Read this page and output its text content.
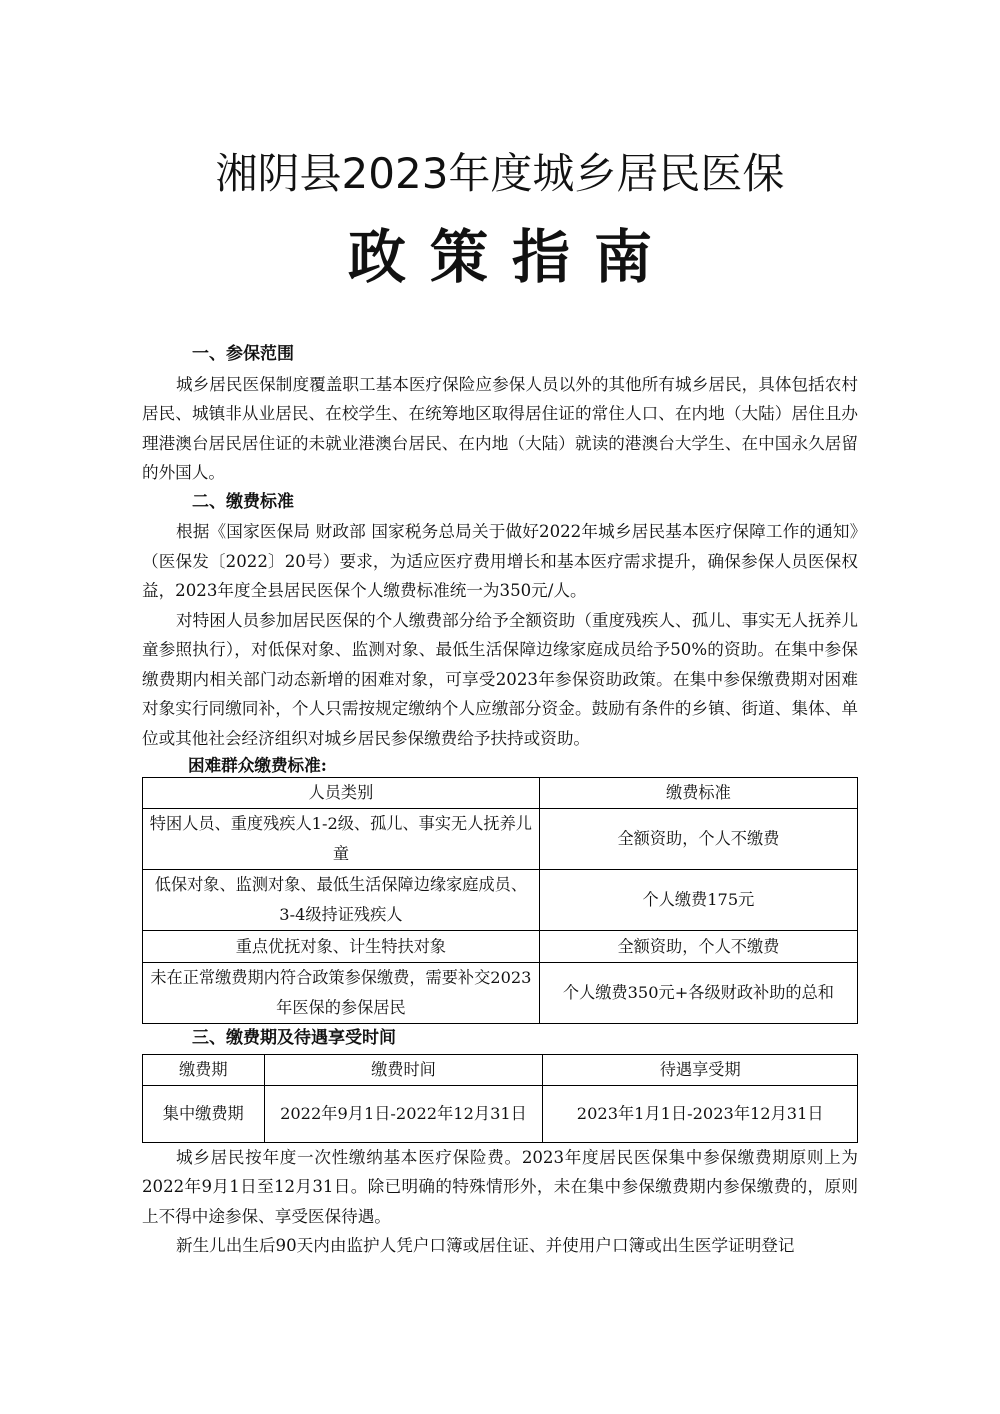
湘阴县2023年度城乡居民医保
政策指南
一、参保范围

城乡居民医保制度覆盖职工基本医疗保险应参保人员以外的其他所有城乡居民，具体包括农村居民、城镇非从业居民、在校学生、在统筹地区取得居住证的常住人口、在内地（大陆）居住且办理港澳台居民居住证的未就业港澳台居民、在内地（大陆）就读的港澳台大学生、在中国永久居留的外国人。

二、缴费标准

根据《国家医保局 财政部 国家税务总局关于做好2022年城乡居民基本医疗保障工作的通知》（医保发〔2022〕20号）要求，为适应医疗费用增长和基本医疗需求提升，确保参保人员医保权益，2023年度全县居民医保个人缴费标准统一为350元/人。

对特困人员参加居民医保的个人缴费部分给予全额资助（重度残疾人、孤儿、事实无人抚养儿童参照执行），对低保对象、监测对象、最低生活保障边缘家庭成员给予50%的资助。在集中参保缴费期内相关部门动态新增的困难对象，可享受2023年参保资助政策。在集中参保缴费期对困难对象实行同缴同补，个人只需按规定缴纳个人应缴部分资金。鼓励有条件的乡镇、街道、集体、单位或其他社会经济组织对城乡居民参保缴费给予扶持或资助。

困难群众缴费标准:
人员类别	缴费标准
特困人员、重度残疾人1-2级、孤儿、事实无人抚养儿童	全额资助，个人不缴费
低保对象、监测对象、最低生活保障边缘家庭成员、3-4级持证残疾人	个人缴费175元
重点优抚对象、计生特扶对象	全额资助，个人不缴费
未在正常缴费期内符合政策参保缴费，需要补交2023年医保的参保居民	个人缴费350元+各级财政补助的总和
三、缴费期及待遇享受时间
缴费期	缴费时间	待遇享受期
集中缴费期	2022年9月1日-2022年12月31日	2023年1月1日-2023年12月31日

城乡居民按年度一次性缴纳基本医疗保险费。2023年度居民医保集中参保缴费期原则上为2022年9月1日至12月31日。除已明确的特殊情形外，未在集中参保缴费期内参保缴费的，原则上不得中途参保、享受医保待遇。

新生儿出生后90天内由监护人凭户口簿或居住证、并使用户口簿或出生医学证明登记
